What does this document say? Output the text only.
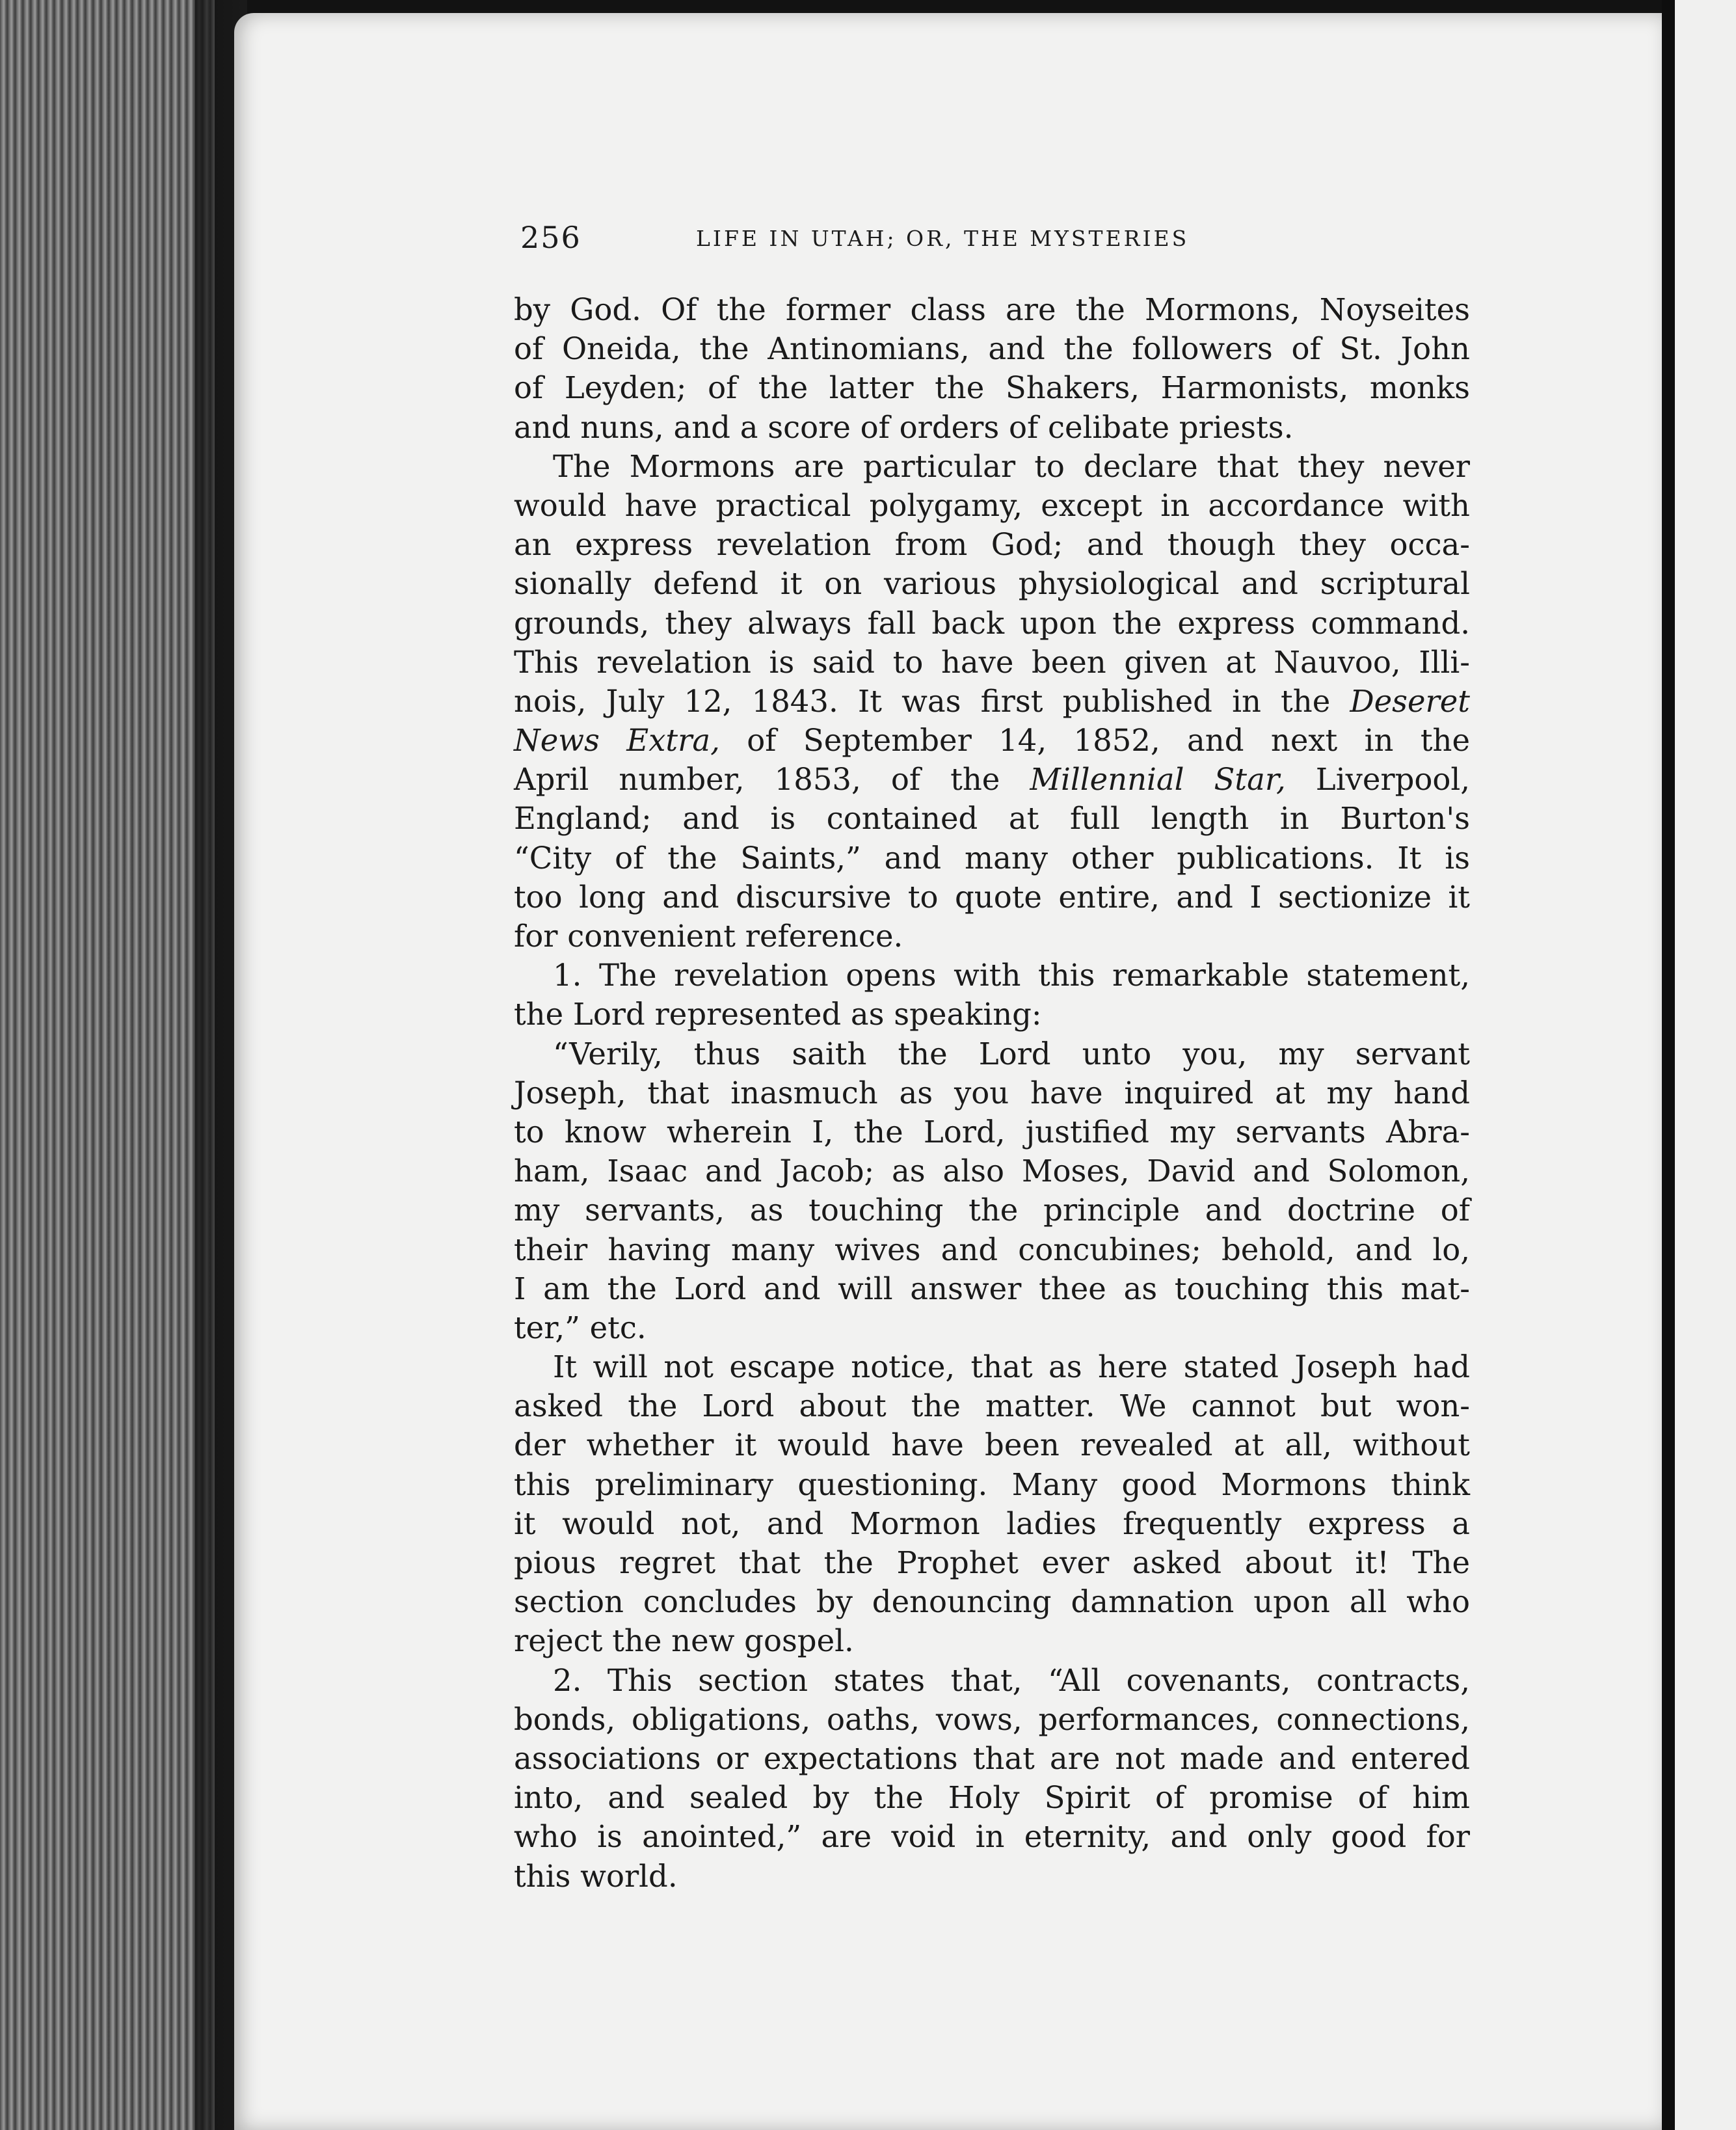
256	LIFE IN UTAH; OR, THE MYSTERIES
by God. Of the former class are the Mormons, Noyseites
of Oneida, the Antinomians, and the followers of St. John
of Leyden; of the latter the Shakers, Harmonists, monks
and nuns, and a score of orders of celibate priests.
The Mormons are particular to declare that they never
would have practical polygamy, except in accordance with
an express revelation from God; and though they occa-
sionally defend it on various physiological and scriptural
grounds, they always fall back upon the express command.
This revelation is said to have been given at Nauvoo, Illi-
nois, July 12, 1843. It was first published in the Deseret
News Extra, of September 14, 1852, and next in the
April number, 1853, of the Millennial Star, Liverpool,
England; and is contained at full length in Burton's
“City of the Saints,” and many other publications. It is
too long and discursive to quote entire, and I sectionize it
for convenient reference.
1. The revelation opens with this remarkable statement,
the Lord represented as speaking:
“Verily, thus saith the Lord unto you, my servant
Joseph, that inasmuch as you have inquired at my hand
to know wherein I, the Lord, justified my servants Abra-
ham, Isaac and Jacob; as also Moses, David and Solomon,
my servants, as touching the principle and doctrine of
their having many wives and concubines; behold, and lo,
I am the Lord and will answer thee as touching this mat-
ter,” etc.
It will not escape notice, that as here stated Joseph had
asked the Lord about the matter. We cannot but won-
der whether it would have been revealed at all, without
this preliminary questioning. Many good Mormons think
it would not, and Mormon ladies frequently express a
pious regret that the Prophet ever asked about it! The
section concludes by denouncing damnation upon all who
reject the new gospel.
2. This section states that, “All covenants, contracts,
bonds, obligations, oaths, vows, performances, connections,
associations or expectations that are not made and entered
into, and sealed by the Holy Spirit of promise of him
who is anointed,” are void in eternity, and only good for
this world.
